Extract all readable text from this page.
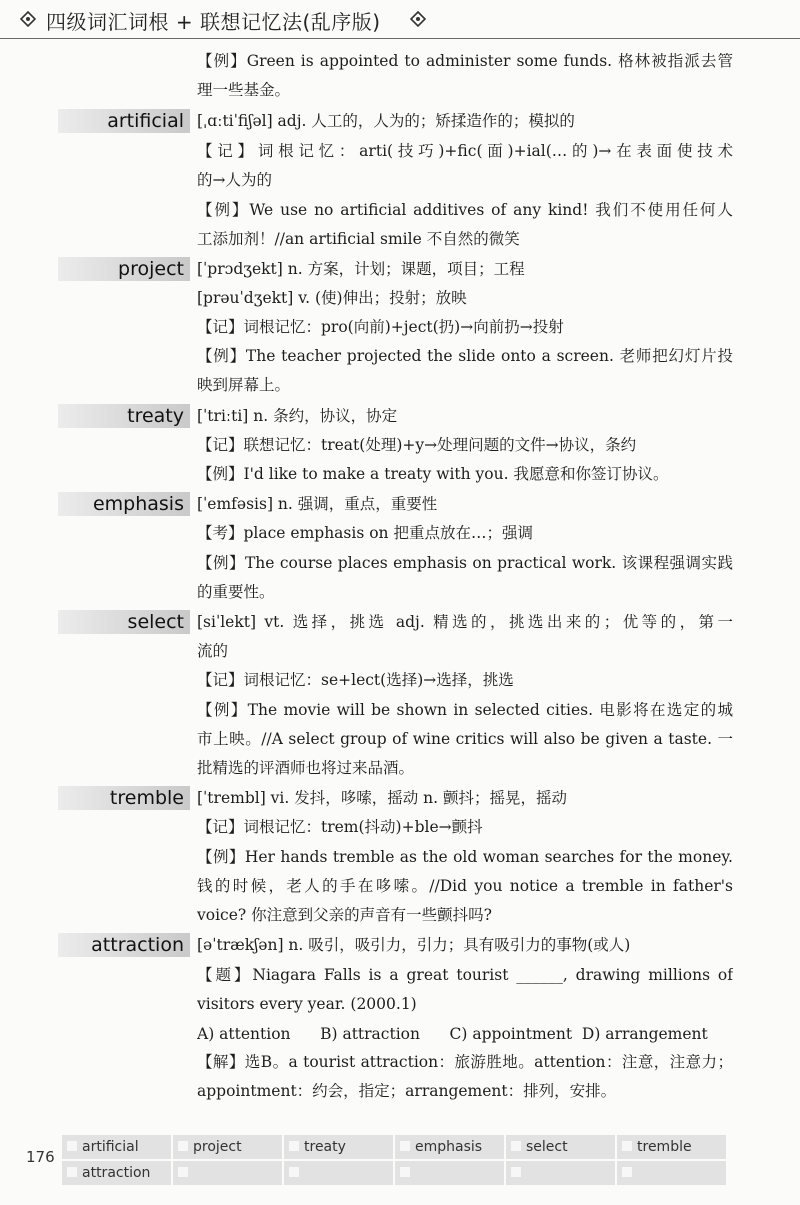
四级词汇词根 + 联想记忆法(乱序版)
【例】Green is appointed to administer some funds. 格林被指派去管
理一些基金。
artificial [ˌɑːtiˈfiʃəl] adj. 人工的，人为的；矫揉造作的；模拟的
【记】词根记忆：arti(技巧)+fic(面)+ial(…的)→在表面使技术
的→人为的
【例】We use no artificial additives of any kind! 我们不使用任何人
工添加剂！//an artificial smile 不自然的微笑
project [ˈprɔdʒekt] n. 方案，计划；课题，项目；工程
[prəuˈdʒekt] v. (使)伸出；投射；放映
【记】词根记忆：pro(向前)+ject(扔)→向前扔→投射
【例】The teacher projected the slide onto a screen. 老师把幻灯片投
映到屏幕上。
treaty [ˈtriːti] n. 条约，协议，协定
【记】联想记忆：treat(处理)+y→处理问题的文件→协议，条约
【例】I'd like to make a treaty with you. 我愿意和你签订协议。
emphasis [ˈemfəsis] n. 强调，重点，重要性
【考】place emphasis on 把重点放在…；强调
【例】The course places emphasis on practical work. 该课程强调实践
的重要性。
select [siˈlekt] vt. 选择，挑选 adj. 精选的，挑选出来的；优等的，第一
流的
【记】词根记忆：se+lect(选择)→选择，挑选
【例】The movie will be shown in selected cities. 电影将在选定的城
市上映。//A select group of wine critics will also be given a taste. 一
批精选的评酒师也将过来品酒。
tremble [ˈtrembl] vi. 发抖，哆嗦，摇动 n. 颤抖；摇晃，摇动
【记】词根记忆：trem(抖动)+ble→颤抖
【例】Her hands tremble as the old woman searches for the money.
钱的时候，老人的手在哆嗦。//Did you notice a tremble in father's
voice? 你注意到父亲的声音有一些颤抖吗?
attraction [əˈtrækʃən] n. 吸引，吸引力，引力；具有吸引力的事物(或人)
【题】Niagara Falls is a great tourist ______, drawing millions of
visitors every year. (2000.1)
A) attention      B) attraction      C) appointment  D) arrangement
【解】选B。a tourist attraction：旅游胜地。attention：注意，注意力；
appointment：约会，指定；arrangement：排列，安排。
176
artificial	project	treaty	emphasis	select	tremble
attraction
